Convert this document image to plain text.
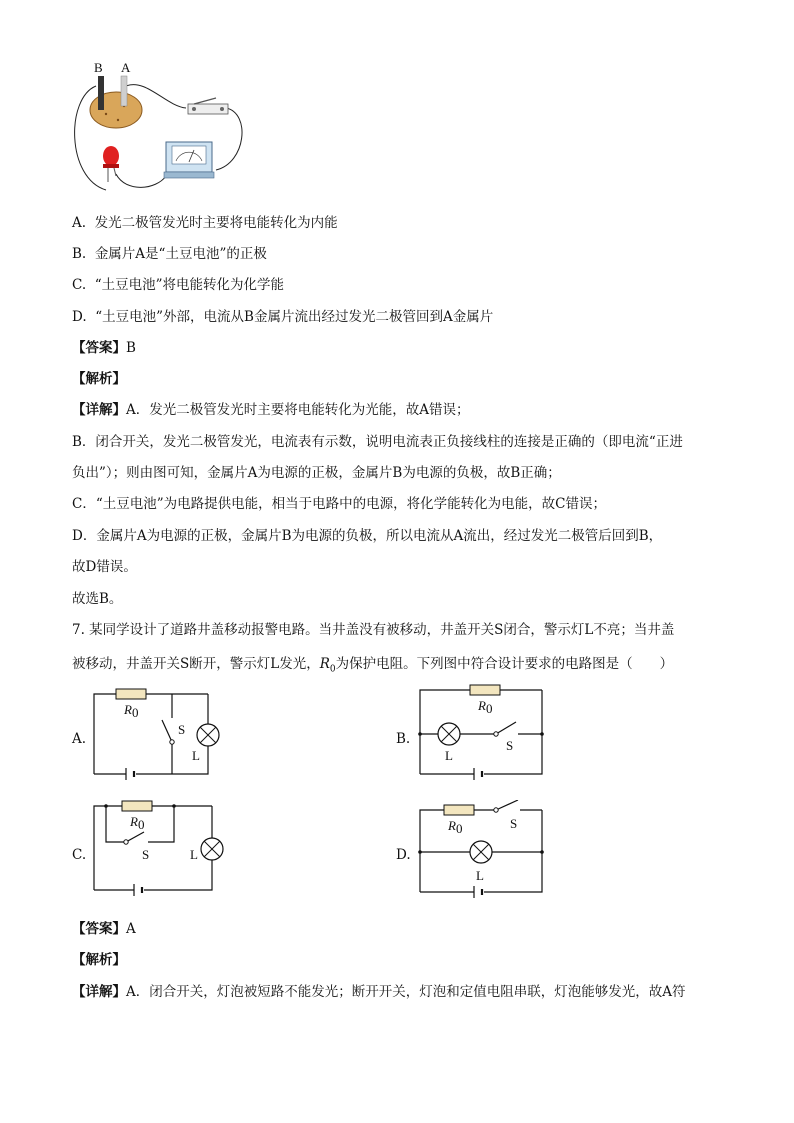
B A
A. 发光二极管发光时主要将电能转化为内能
B. 金属片A是“土豆电池”的正极
C. “土豆电池”将电能转化为化学能
D. “土豆电池”外部，电流从B金属片流出经过发光二极管回到A金属片
【答案】B
【解析】
【详解】A．发光二极管发光时主要将电能转化为光能，故A错误；
B．闭合开关，发光二极管发光，电流表有示数，说明电流表正负接线柱的连接是正确的（即电流“正进
负出”）；则由图可知，金属片A为电源的正极，金属片B为电源的负极，故B正确；
C．“土豆电池”为电路提供电能，相当于电路中的电源，将化学能转化为电能，故C错误；
D．金属片A为电源的正极，金属片B为电源的负极，所以电流从A流出，经过发光二极管后回到B，
故D错误。
故选B。
7. 某同学设计了道路井盖移动报警电路。当井盖没有被移动，井盖开关S闭合，警示灯L不亮；当井盖
被移动，井盖开关S断开，警示灯L发光，$R_0$为保护电阻。下列图中符合设计要求的电路图是（　　）
A.
R 0
S
L
B.
R 0
S
L
C.
R 0
S	L	D.
R 0	S
L
【答案】A
【解析】
【详解】A．闭合开关，灯泡被短路不能发光；断开开关，灯泡和定值电阻串联，灯泡能够发光，故A符
